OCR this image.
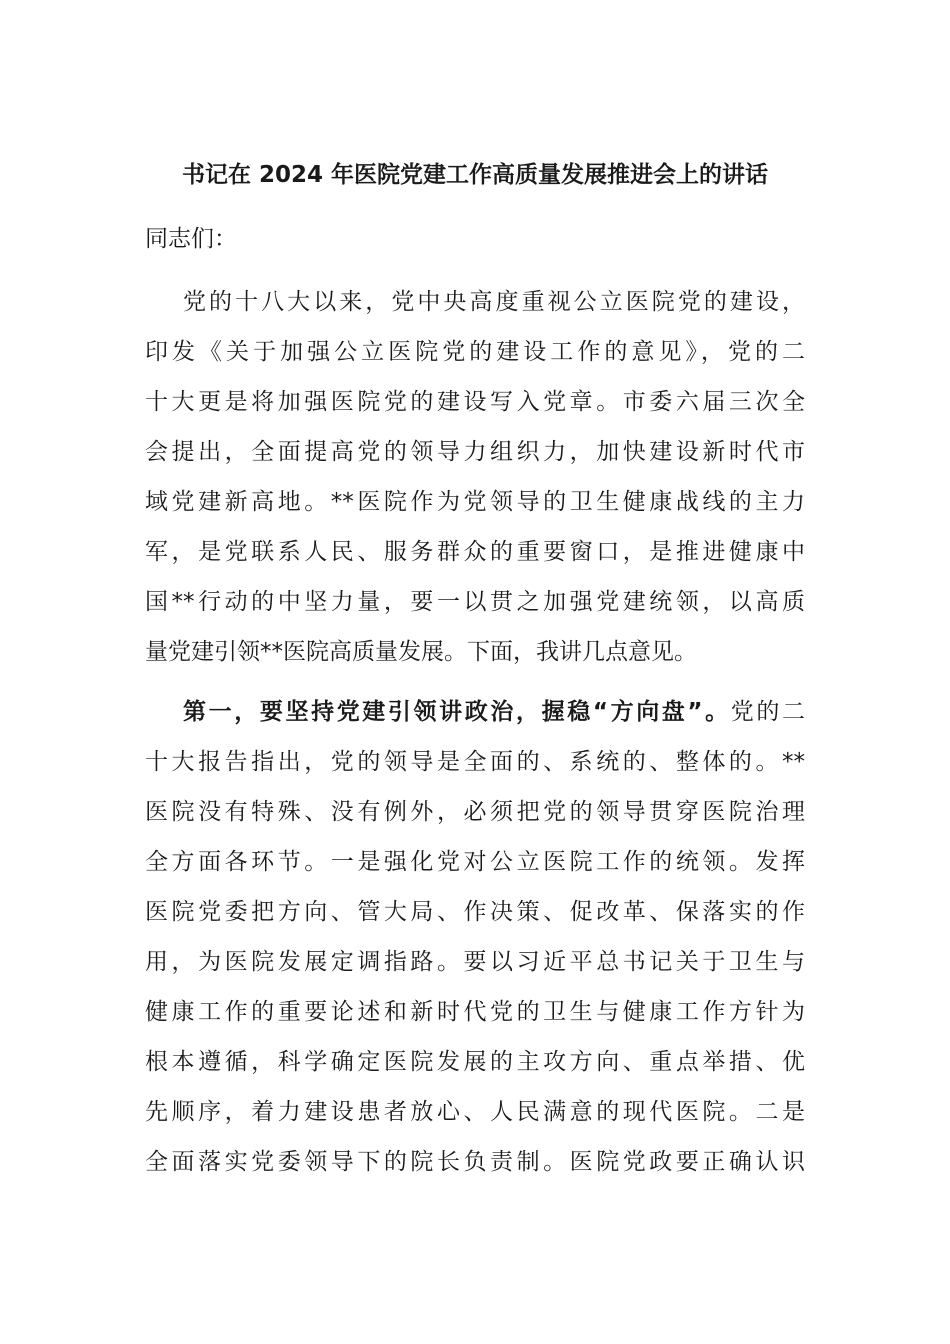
书记在 2024 年医院党建工作高质量发展推进会上的讲话
同志们：
党的十八大以来，党中央高度重视公立医院党的建设，
印发《关于加强公立医院党的建设工作的意见》，党的二
十大更是将加强医院党的建设写入党章。市委六届三次全
会提出，全面提高党的领导力组织力，加快建设新时代市
域党建新高地。**医院作为党领导的卫生健康战线的主力
军，是党联系人民、服务群众的重要窗口，是推进健康中
国**行动的中坚力量，要一以贯之加强党建统领，以高质
量党建引领**医院高质量发展。下面，我讲几点意见。
第一，要坚持党建引领讲政治，握稳“方向盘”。党的二
十大报告指出，党的领导是全面的、系统的、整体的。**
医院没有特殊、没有例外，必须把党的领导贯穿医院治理
全方面各环节。一是强化党对公立医院工作的统领。发挥
医院党委把方向、管大局、作决策、促改革、保落实的作
用，为医院发展定调指路。要以习近平总书记关于卫生与
健康工作的重要论述和新时代党的卫生与健康工作方针为
根本遵循，科学确定医院发展的主攻方向、重点举措、优
先顺序，着力建设患者放心、人民满意的现代医院。二是
全面落实党委领导下的院长负责制。医院党政要正确认识
